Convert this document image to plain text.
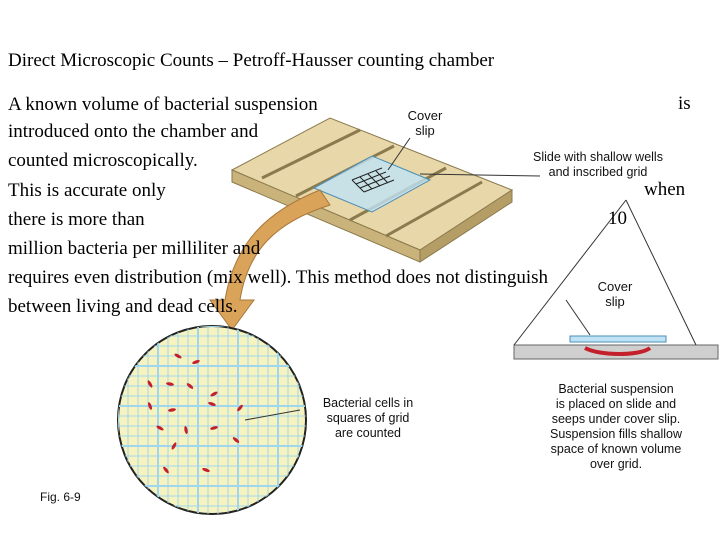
Direct Microscopic Counts – Petroff-Hausser counting chamber
A known volume of bacterial suspension	is
introduced onto the chamber and
counted microscopically.
This is accurate only	when
there is more than	10
million bacteria per milliliter and
requires even distribution (mix well). This method does not distinguish
between living and dead cells.
Cover
slip
Slide with shallow wells
and inscribed grid
Cover
slip
Bacterial suspension
is placed on slide and
seeps under cover slip.
Suspension fills shallow
space of known volume
over grid.
Bacterial cells in
squares of grid
are counted
Fig. 6-9
